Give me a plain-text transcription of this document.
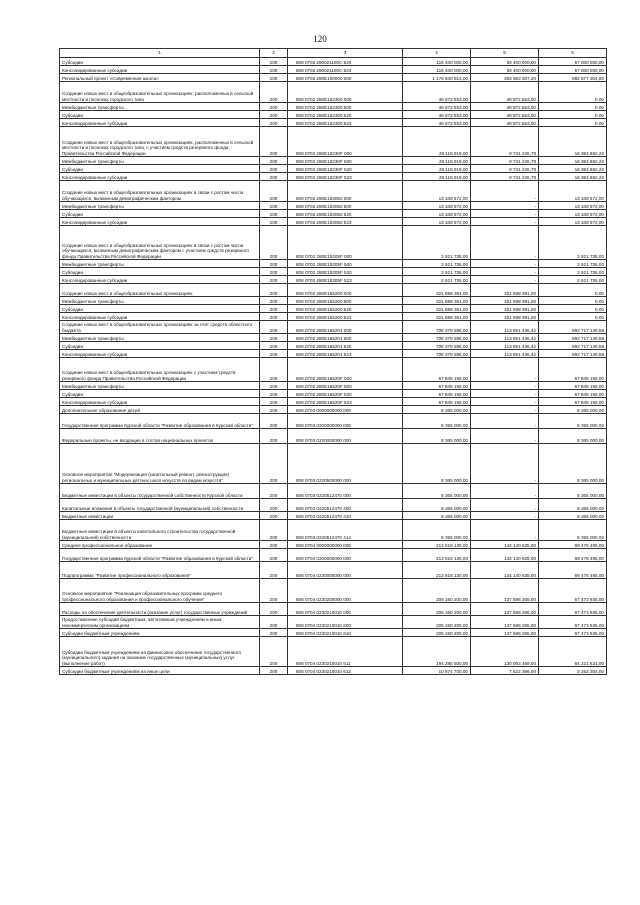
120
1	2	3	4	5	6
Субсидии	200	808 0702 280021150С 520	116 400 000,00	59 400 000,00	57 000 000,00
Консолидированные субсидии	200	808 0702 280021150С 523	116 400 000,00	59 400 000,00	57 000 000,00
Региональный проект «Современная школа»	200	808 0702 280E100000 000	1 176 640 913,00	493 963 607,20	882 677 304,80
Создание новых мест в общеобразовательных организациях, расположенных в сельской местности и поселках городского типа	200	808 0702 280E152300 000	48 872 553,00	48 872 553,00	0,00
Межбюджетные трансферты	200	808 0702 280E152300 500	48 872 553,00	48 872 553,00	0,00
Субсидии	200	808 0702 280E152300 520	48 872 553,00	48 872 553,00	0,00
Консолидированные субсидии	200	808 0702 280E152300 523	48 872 553,00	48 872 553,00	0,00
Создание новых мест в общеобразовательных организациях, расположенных в сельской местности и поселках городского типа, с участием средств резервного фонда Правительства Российской Федерации	200	808 0702 280E15230F 000	26 115 919,00	9 731 226,78	16 384 692,22
Межбюджетные трансферты	200	808 0702 280E15230F 500	26 115 919,00	9 731 226,78	16 384 692,22
Субсидии	200	808 0702 280E15230F 520	26 115 919,00	9 731 226,78	16 384 692,22
Консолидированные субсидии	200	808 0702 280E15230F 523	26 115 919,00	9 731 226,78	16 384 692,22
Создание новых мест в общеобразовательных организациях в связи с ростом числа обучающихся, вызванным демографическим фактором	200	808 0702 280E153050 000	13 108 572,00	-	13 108 572,00
Межбюджетные трансферты	200	808 0702 280E153050 500	13 108 572,00	-	13 108 572,00
Субсидии	200	808 0702 280E153050 520	13 108 572,00	-	13 108 572,00
Консолидированные субсидии	200	808 0702 280E153050 523	13 108 572,00	-	13 108 572,00
Создание новых мест в общеобразовательных организациях в связи с ростом числа обучающихся, вызванным демографическим фактором с участием средств резервного фонда Правительства Российской Федерации	200	808 0702 280E15305F 000	2 621 735,00	-	2 621 735,00
Межбюджетные трансферты	200	808 0702 280E15305F 500	2 621 735,00	-	2 621 735,00
Субсидии	200	808 0702 280E15305F 520	2 621 735,00	-	2 621 735,00
Консолидированные субсидии	200	808 0702 280E15305F 523	2 621 735,00	-	2 621 735,00
Создание новых мест в общеобразовательных организациях	200	808 0702 280E155200 000	321 698 391,00	321 698 391,00	0,00
Межбюджетные трансферты	200	808 0702 280E155200 500	321 698 391,00	321 698 391,00	0,00
Субсидии	200	808 0702 280E155200 520	321 698 391,00	321 698 391,00	0,00
Консолидированные субсидии	200	808 0702 280E155200 523	321 698 391,00	321 698 391,00	0,00
Создание новых мест в общеобразовательных организациях за счет средств областного бюджета	200	808 0702 280E155201 000	706 378 586,00	113 661 436,42	592 717 149,58
Межбюджетные трансферты	200	808 0702 280E155201 500	706 378 586,00	113 661 436,42	592 717 149,58
Субсидии	200	808 0702 280E155201 520	706 378 586,00	113 661 436,42	592 717 149,58
Консолидированные субсидии	200	808 0702 280E155201 523	706 378 586,00	113 661 436,42	592 717 149,58
Создание новых мест в общеобразовательных организациях с участием средств резервного фонда Правительства Российской Федерации	200	808 0702 280E15520F 000	57 845 156,00	-	57 845 156,00
Межбюджетные трансферты	200	808 0702 280E15520F 500	57 845 156,00	-	57 845 156,00
Субсидии	200	808 0702 280E15520F 520	57 845 156,00	-	57 845 156,00
Консолидированные субсидии	200	808 0702 280E15520F 523	57 845 156,00	-	57 845 156,00
Дополнительное образование детей	200	808 0703 0000000000 000	8 365 000,00	-	8 365 000,00
Государственная программа Курской области "Развитие образования в Курской области"	200	808 0703 0200000000 000	8 365 000,00	-	8 365 000,00
Федеральные проекты, не входящие в состав национальных проектов	200	808 0703 0220000000 000	8 365 000,00	-	8 365 000,00
Основное мероприятие "Модернизация (капитальный ремонт, реконструкция) региональных и муниципальных детских школ искусств по видам искусств"	200	808 0703 0220500000 000	8 365 000,00	-	8 365 000,00
Бюджетные инвестиции в объекты государственной собственности Курской области	200	808 0703 0220512470 000	8 365 000,00	-	8 365 000,00
Капитальные вложения в объекты государственной (муниципальной) собственности	200	808 0703 0220512470 400	8 365 000,00	-	8 365 000,00
Бюджетные инвестиции	200	808 0703 0220512470 410	8 365 000,00	-	8 365 000,00
Бюджетные инвестиции в объекты капитального строительства государственной (муниципальной) собственности	200	808 0703 0220512470 414	8 365 000,00	-	8 365 000,00
Среднее профессиональное образование	200	808 0704 0000000000 000	213 618 130,00	144 140 635,00	69 478 495,00
Государственная программа Курской области "Развитие образования в Курской области"	200	808 0704 0200000000 000	213 618 130,00	144 140 635,00	69 478 495,00
Подпрограмма "Развитие профессионального образования"	200	808 0704 0230000000 000	213 618 130,00	144 140 635,00	69 478 495,00
Основное мероприятие "Реализация образовательных программ среднего профессионального образования и профессионального обучения"	200	808 0704 0230200000 000	205 160 200,00	137 686 265,00	67 473 935,00
Расходы на обеспечение деятельности (оказание услуг) государственных учреждений	200	808 0704 0230210010 000	205 160 200,00	137 686 265,00	67 473 935,00
Предоставление субсидий бюджетным, автономным учреждениям и иным некоммерческим организациям	200	808 0704 0230210010 600	205 160 200,00	137 686 265,00	67 473 935,00
Субсидии бюджетным учреждениям	200	808 0704 0230210010 610	205 160 200,00	137 686 265,00	67 473 935,00
Субсидии бюджетным учреждениям на финансовое обеспечение государственного (муниципального) задания на оказание государственных (муниципальных) услуг (выполнение работ)	200	808 0704 0230210010 611	194 285 500,00	130 063 469,00	64 221 631,00
Субсидии бюджетным учреждениям на иные цели	200	808 0704 0230210010 612	10 874 700,00	7 622 396,00	3 252 304,00
